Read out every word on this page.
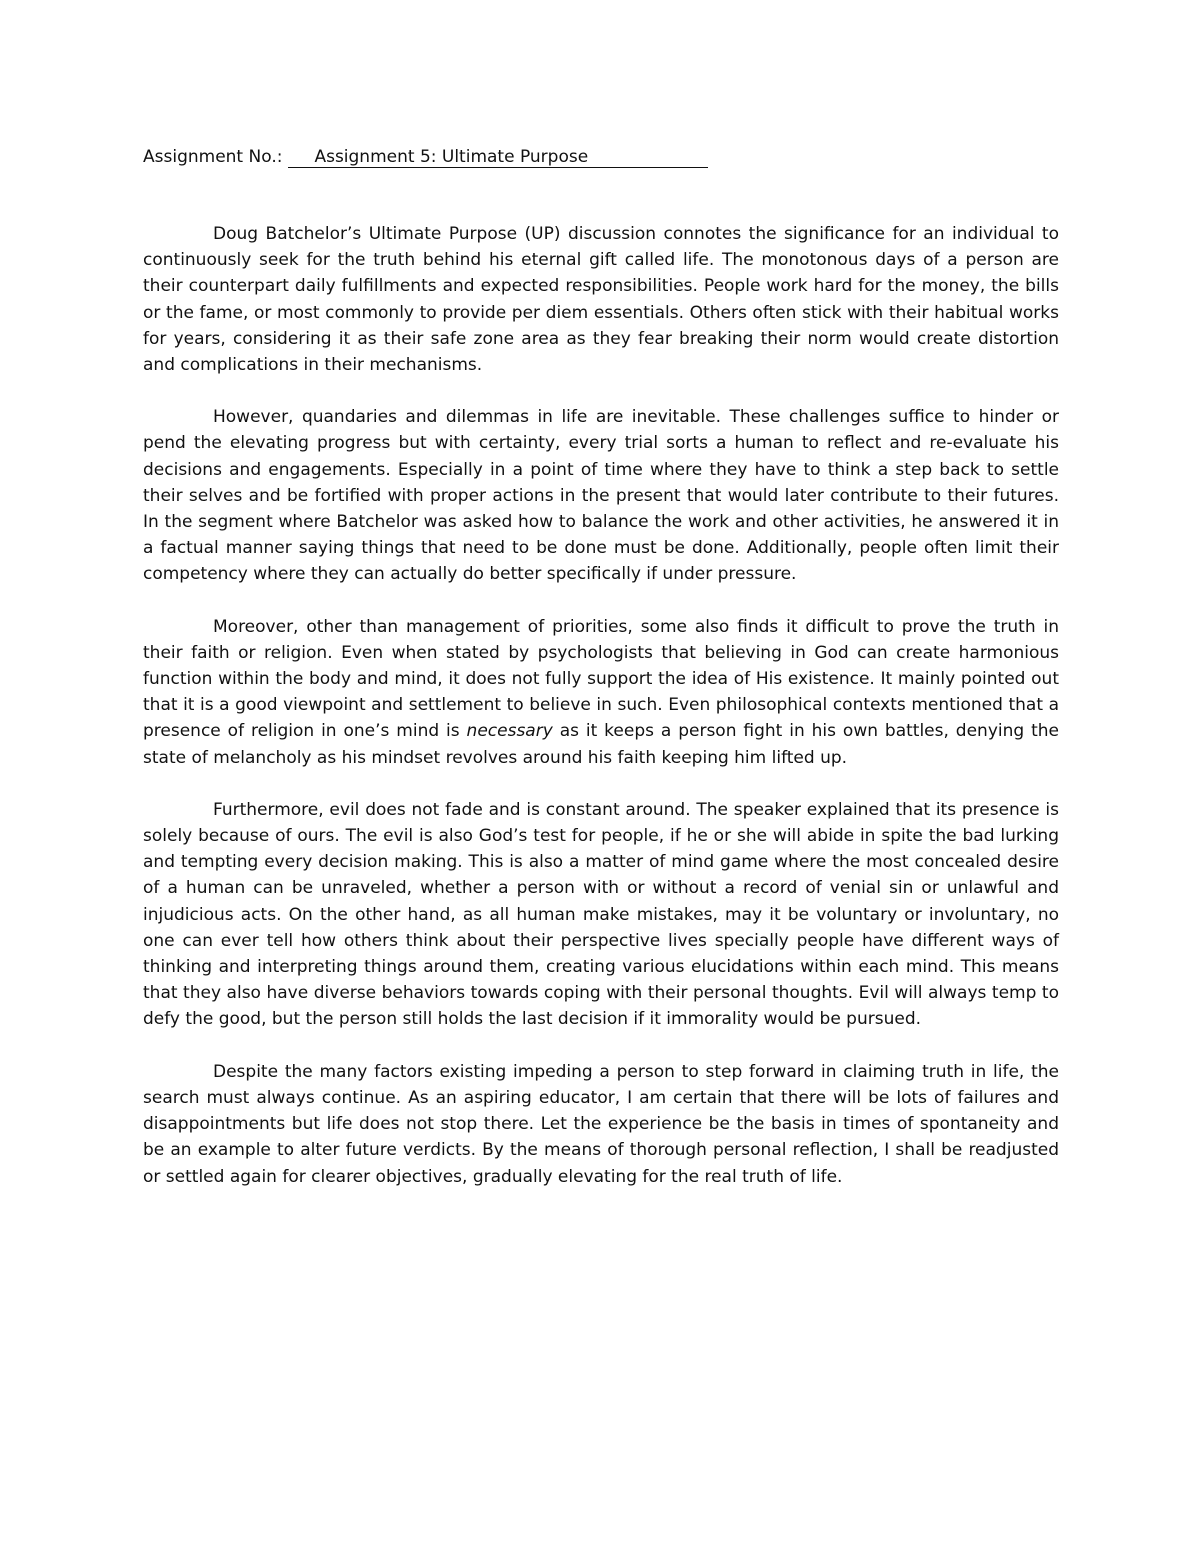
Assignment No.: Assignment 5: Ultimate Purpose

Doug Batchelor’s Ultimate Purpose (UP) discussion connotes the significance for an individual to continuously seek for the truth behind his eternal gift called life. The monotonous days of a person are their counterpart daily fulfillments and expected responsibilities. People work hard for the money, the bills or the fame, or most commonly to provide per diem essentials. Others often stick with their habitual works for years, considering it as their safe zone area as they fear breaking their norm would create distortion and complications in their mechanisms.

However, quandaries and dilemmas in life are inevitable. These challenges suffice to hinder or pend the elevating progress but with certainty, every trial sorts a human to reflect and re-evaluate his decisions and engagements. Especially in a point of time where they have to think a step back to settle their selves and be fortified with proper actions in the present that would later contribute to their futures. In the segment where Batchelor was asked how to balance the work and other activities, he answered it in a factual manner saying things that need to be done must be done. Additionally, people often limit their competency where they can actually do better specifically if under pressure.

Moreover, other than management of priorities, some also finds it difficult to prove the truth in their faith or religion. Even when stated by psychologists that believing in God can create harmonious function within the body and mind, it does not fully support the idea of His existence. It mainly pointed out that it is a good viewpoint and settlement to believe in such. Even philosophical contexts mentioned that a presence of religion in one’s mind is necessary as it keeps a person fight in his own battles, denying the state of melancholy as his mindset revolves around his faith keeping him lifted up.

Furthermore, evil does not fade and is constant around. The speaker explained that its presence is solely because of ours. The evil is also God’s test for people, if he or she will abide in spite the bad lurking and tempting every decision making. This is also a matter of mind game where the most concealed desire of a human can be unraveled, whether a person with or without a record of venial sin or unlawful and injudicious acts. On the other hand, as all human make mistakes, may it be voluntary or involuntary, no one can ever tell how others think about their perspective lives specially people have different ways of thinking and interpreting things around them, creating various elucidations within each mind. This means that they also have diverse behaviors towards coping with their personal thoughts. Evil will always temp to defy the good, but the person still holds the last decision if it immorality would be pursued.

Despite the many factors existing impeding a person to step forward in claiming truth in life, the search must always continue. As an aspiring educator, I am certain that there will be lots of failures and disappointments but life does not stop there. Let the experience be the basis in times of spontaneity and be an example to alter future verdicts. By the means of thorough personal reflection, I shall be readjusted or settled again for clearer objectives, gradually elevating for the real truth of life.
